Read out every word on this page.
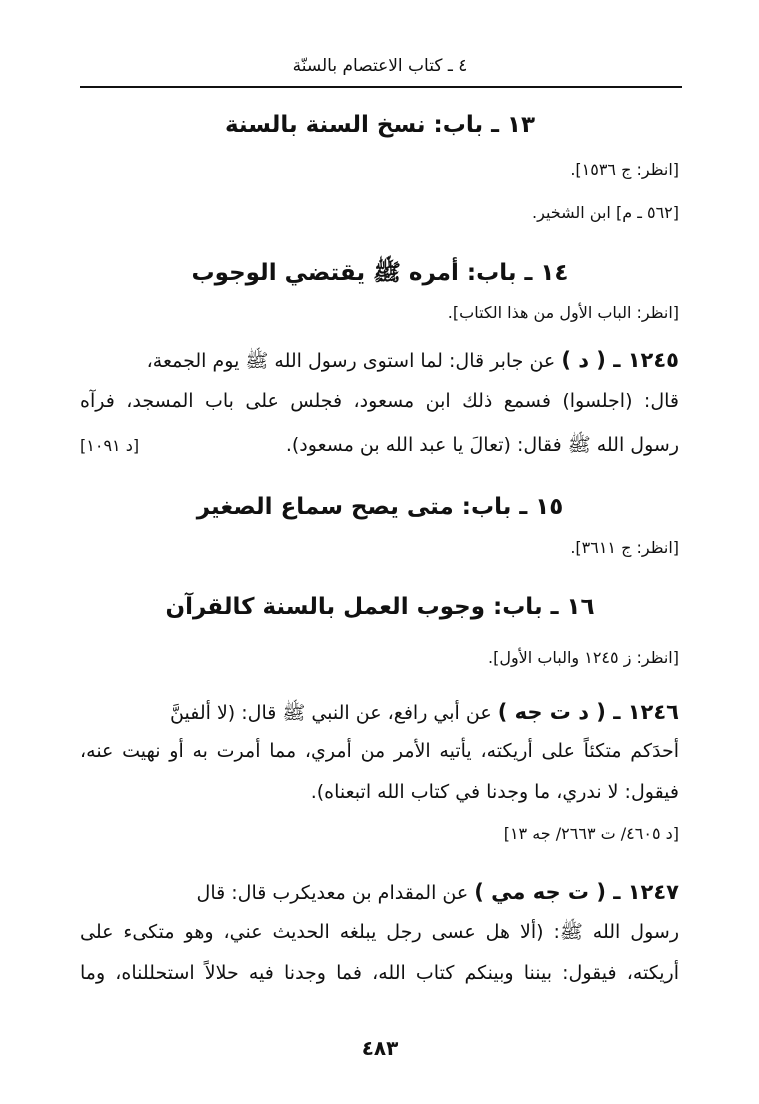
٤ ـ كتاب الاعتصام بالسنّة
١٣ ـ باب: نسخ السنة بالسنة
[انظر: ج ١٥٣٦].
[٥٦٢ ـ م] ابن الشخير.
١٤ ـ باب: أمره ﷺ يقتضي الوجوب
[انظر: الباب الأول من هذا الكتاب].
١٢٤٥ ـ ( د ) عن جابر قال: لما استوى رسول الله ﷺ يوم الجمعة،
قال: (اجلسوا) فسمع ذلك ابن مسعود، فجلس على باب المسجد، فرآه
رسول الله ﷺ فقال: (تعالَ يا عبد الله بن مسعود).
[د ١٠٩١]
١٥ ـ باب: متى يصح سماع الصغير
[انظر: ج ٣٦١١].
١٦ ـ باب: وجوب العمل بالسنة كالقرآن
[انظر: ز ١٢٤٥ والباب الأول].
١٢٤٦ ـ ( د ت جه ) عن أبي رافع، عن النبي ﷺ قال: (لا ألفينَّ
أحدَكم متكئاً على أريكته، يأتيه الأمر من أمري، مما أمرت به أو نهيت عنه،
فيقول: لا ندري، ما وجدنا في كتاب الله اتبعناه).
[د ٤٦٠٥/ ت ٢٦٦٣/ جه ١٣]
١٢٤٧ ـ ( ت جه مي ) عن المقدام بن معديكرب قال: قال
رسول الله ﷺ: (ألا هل عسى رجل يبلغه الحديث عني، وهو متكىء على
أريكته، فيقول: بيننا وبينكم كتاب الله، فما وجدنا فيه حلالاً استحللناه، وما
٤٨٣
